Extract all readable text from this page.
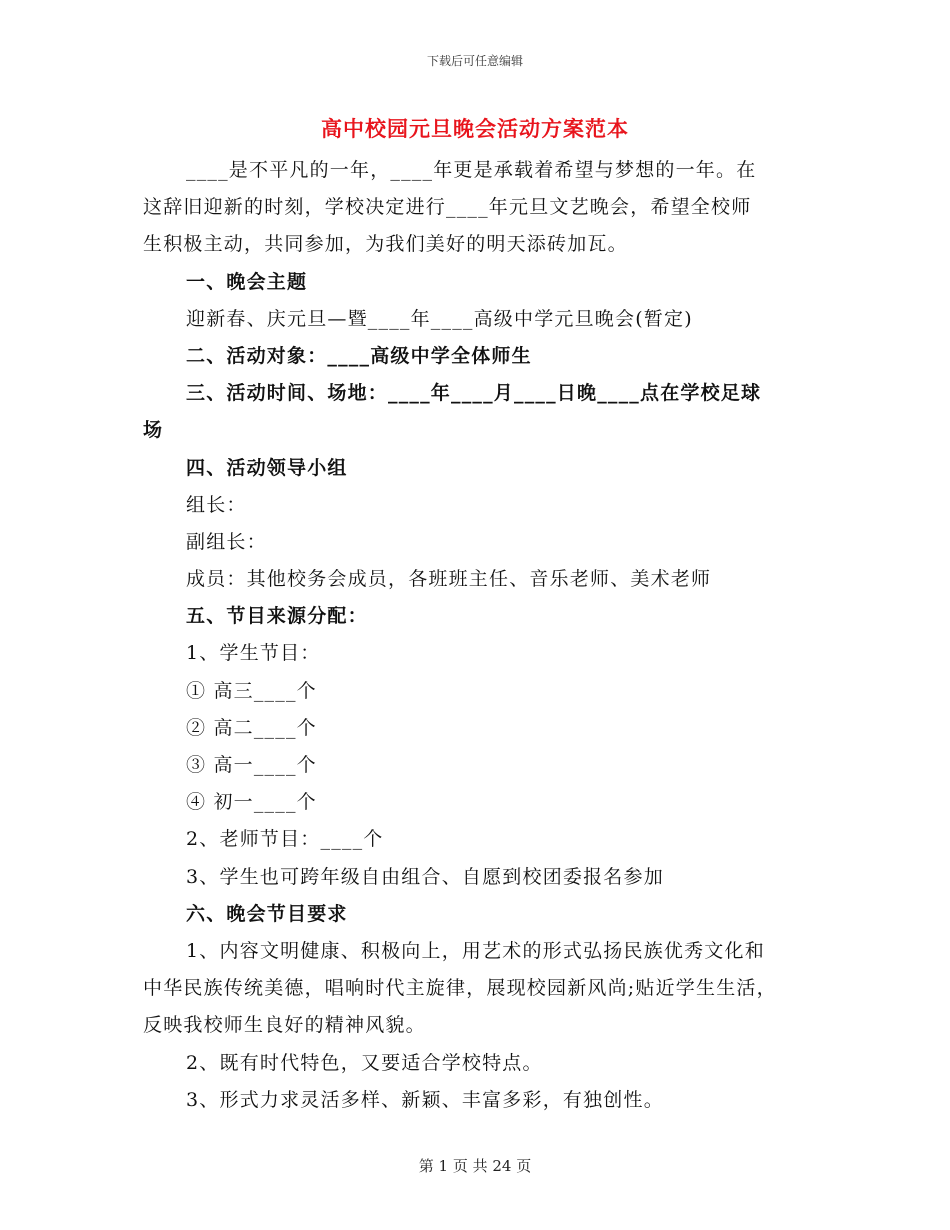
下载后可任意编辑
高中校园元旦晚会活动方案范本
____是不平凡的一年，____年更是承载着希望与梦想的一年。在
这辞旧迎新的时刻，学校决定进行____年元旦文艺晚会，希望全校师
生积极主动，共同参加，为我们美好的明天添砖加瓦。
一、晚会主题
迎新春、庆元旦—暨____年____高级中学元旦晚会(暂定)
二、活动对象：____高级中学全体师生
三、活动时间、场地：____年____月____日晚____点在学校足球
场
四、活动领导小组
组长：
副组长：
成员：其他校务会成员，各班班主任、音乐老师、美术老师
五、节目来源分配：
1、学生节目：
① 高三____个
② 高二____个
③ 高一____个
④ 初一____个
2、老师节目：____个
3、学生也可跨年级自由组合、自愿到校团委报名参加
六、晚会节目要求
1、内容文明健康、积极向上，用艺术的形式弘扬民族优秀文化和
中华民族传统美德，唱响时代主旋律，展现校园新风尚;贴近学生生活，
反映我校师生良好的精神风貌。
2、既有时代特色，又要适合学校特点。
3、形式力求灵活多样、新颖、丰富多彩，有独创性。
第 1 页 共 24 页
